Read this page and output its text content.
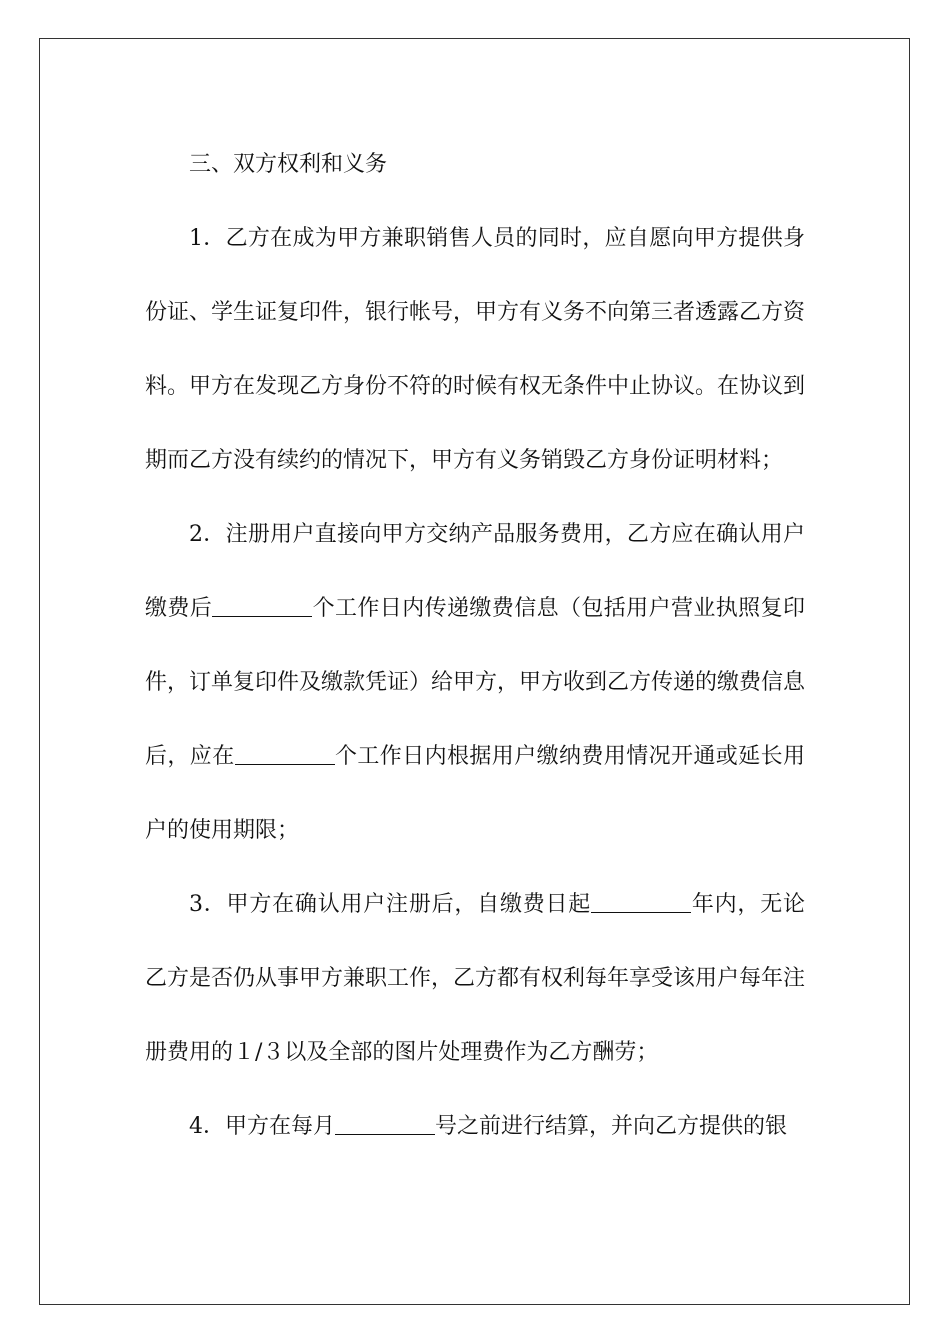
三、双方权利和义务

1．乙方在成为甲方兼职销售人员的同时，应自愿向甲方提供身份证、学生证复印件，银行帐号，甲方有义务不向第三者透露乙方资料。甲方在发现乙方身份不符的时候有权无条件中止协议。在协议到期而乙方没有续约的情况下，甲方有义务销毁乙方身份证明材料；

2．注册用户直接向甲方交纳产品服务费用，乙方应在确认用户缴费后	个工作日内传递缴费信息（包括用户营业执照复印件，订单复印件及缴款凭证）给甲方，甲方收到乙方传递的缴费信息后，应在	个工作日内根据用户缴纳费用情况开通或延长用户的使用期限；

3．甲方在确认用户注册后，自缴费日起	年内，无论乙方是否仍从事甲方兼职工作，乙方都有权利每年享受该用户每年注册费用的１/３以及全部的图片处理费作为乙方酬劳；

4．甲方在每月	号之前进行结算，并向乙方提供的银
